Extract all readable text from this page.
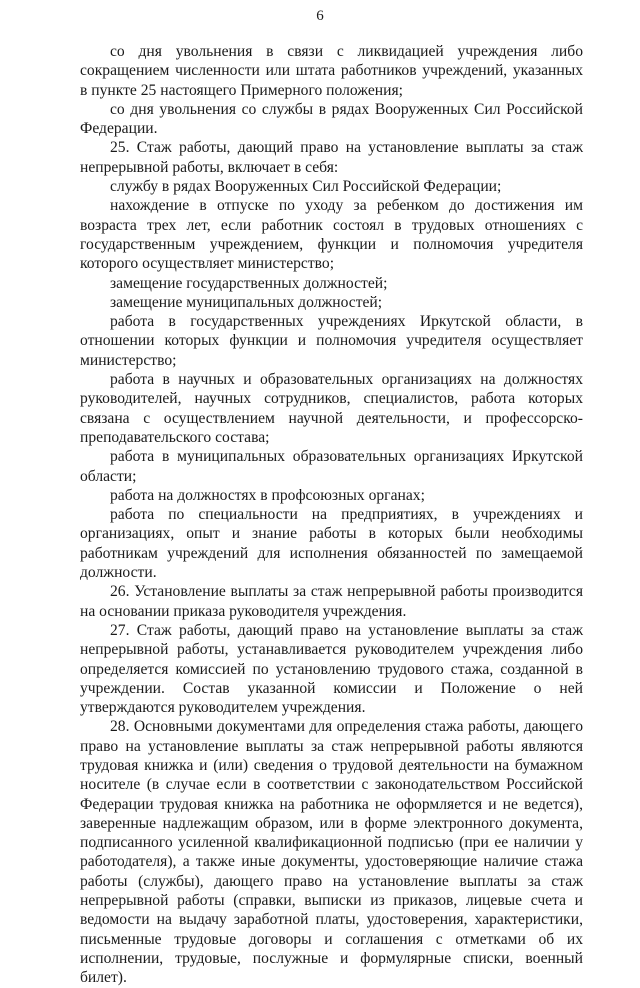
6

со дня увольнения в связи с ликвидацией учреждения либо сокращением численности или штата работников учреждений, указанных в пункте 25 настоящего Примерного положения;

со дня увольнения со службы в рядах Вооруженных Сил Российской Федерации.

25. Стаж работы, дающий право на установление выплаты за стаж непрерывной работы, включает в себя:

службу в рядах Вооруженных Сил Российской Федерации;

нахождение в отпуске по уходу за ребенком до достижения им возраста трех лет, если работник состоял в трудовых отношениях с государственным учреждением, функции и полномочия учредителя которого осуществляет министерство;

замещение государственных должностей;

замещение муниципальных должностей;

работа в государственных учреждениях Иркутской области, в отношении которых функции и полномочия учредителя осуществляет министерство;

работа в научных и образовательных организациях на должностях руководителей, научных сотрудников, специалистов, работа которых связана с осуществлением научной деятельности, и профессорско-преподавательского состава;

работа в муниципальных образовательных организациях Иркутской области;

работа на должностях в профсоюзных органах;

работа по специальности на предприятиях, в учреждениях и организациях, опыт и знание работы в которых были необходимы работникам учреждений для исполнения обязанностей по замещаемой должности.

26. Установление выплаты за стаж непрерывной работы производится на основании приказа руководителя учреждения.

27. Стаж работы, дающий право на установление выплаты за стаж непрерывной работы, устанавливается руководителем учреждения либо определяется комиссией по установлению трудового стажа, созданной в учреждении. Состав указанной комиссии и Положение о ней утверждаются руководителем учреждения.

28. Основными документами для определения стажа работы, дающего право на установление выплаты за стаж непрерывной работы являются трудовая книжка и (или) сведения о трудовой деятельности на бумажном носителе (в случае если в соответствии с законодательством Российской Федерации трудовая книжка на работника не оформляется и не ведется), заверенные надлежащим образом, или в форме электронного документа, подписанного усиленной квалификационной подписью (при ее наличии у работодателя), а также иные документы, удостоверяющие наличие стажа работы (службы), дающего право на установление выплаты за стаж непрерывной работы (справки, выписки из приказов, лицевые счета и ведомости на выдачу заработной платы, удостоверения, характеристики, письменные трудовые договоры и соглашения с отметками об их исполнении, трудовые, послужные и формулярные списки, военный билет).
